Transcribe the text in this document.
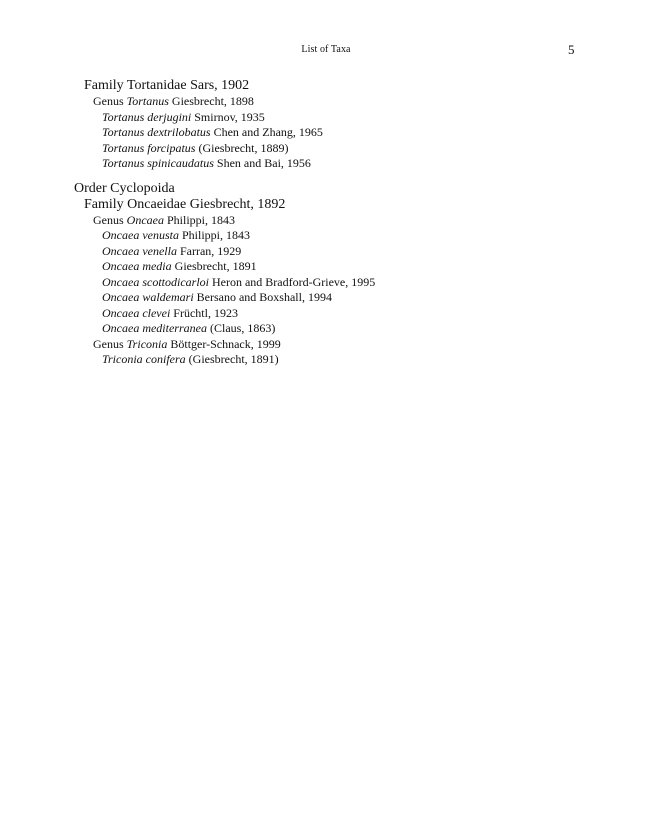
List of Taxa	5
Family Tortanidae Sars, 1902
Genus Tortanus Giesbrecht, 1898
Tortanus derjugini Smirnov, 1935
Tortanus dextrilobatus Chen and Zhang, 1965
Tortanus forcipatus (Giesbrecht, 1889)
Tortanus spinicaudatus Shen and Bai, 1956
Order Cyclopoida
Family Oncaeidae Giesbrecht, 1892
Genus Oncaea Philippi, 1843
Oncaea venusta Philippi, 1843
Oncaea venella Farran, 1929
Oncaea media Giesbrecht, 1891
Oncaea scottodicarloi Heron and Bradford-Grieve, 1995
Oncaea waldemari Bersano and Boxshall, 1994
Oncaea clevei Früchtl, 1923
Oncaea mediterranea (Claus, 1863)
Genus Triconia Böttger-Schnack, 1999
Triconia conifera (Giesbrecht, 1891)
